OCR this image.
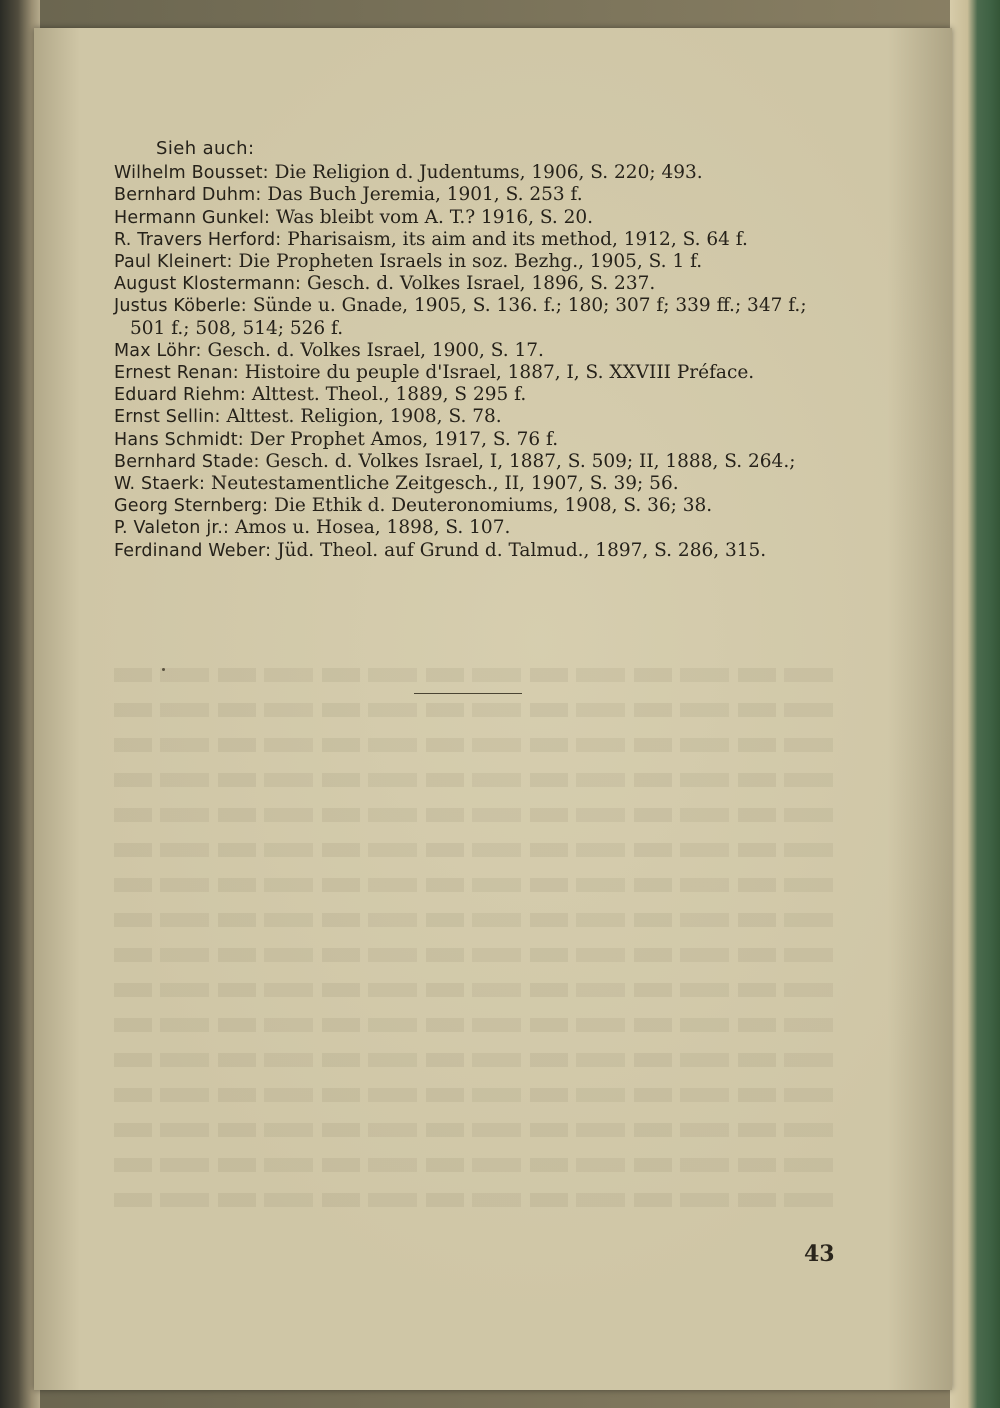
Sieh auch:
Wilhelm Bousset: Die Religion d. Judentums, 1906, S. 220; 493.
Bernhard Duhm: Das Buch Jeremia, 1901, S. 253 f.
Hermann Gunkel: Was bleibt vom A. T.? 1916, S. 20.
R. Travers Herford: Pharisaism, its aim and its method, 1912, S. 64 f.
Paul Kleinert: Die Propheten Israels in soz. Bezhg., 1905, S. 1 f.
August Klostermann: Gesch. d. Volkes Israel, 1896, S. 237.
Justus Köberle: Sünde u. Gnade, 1905, S. 136. f.; 180; 307 f; 339 ff.; 347 f.;
501 f.; 508, 514; 526 f.
Max Löhr: Gesch. d. Volkes Israel, 1900, S. 17.
Ernest Renan: Histoire du peuple d'Israel, 1887, I, S. XXVIII Préface.
Eduard Riehm: Alttest. Theol., 1889, S 295 f.
Ernst Sellin: Alttest. Religion, 1908, S. 78.
Hans Schmidt: Der Prophet Amos, 1917, S. 76 f.
Bernhard Stade: Gesch. d. Volkes Israel, I, 1887, S. 509; II, 1888, S. 264.;
W. Staerk: Neutestamentliche Zeitgesch., II, 1907, S. 39; 56.
Georg Sternberg: Die Ethik d. Deuteronomiums, 1908, S. 36; 38.
P. Valeton jr.: Amos u. Hosea, 1898, S. 107.
Ferdinand Weber: Jüd. Theol. auf Grund d. Talmud., 1897, S. 286, 315.
43
